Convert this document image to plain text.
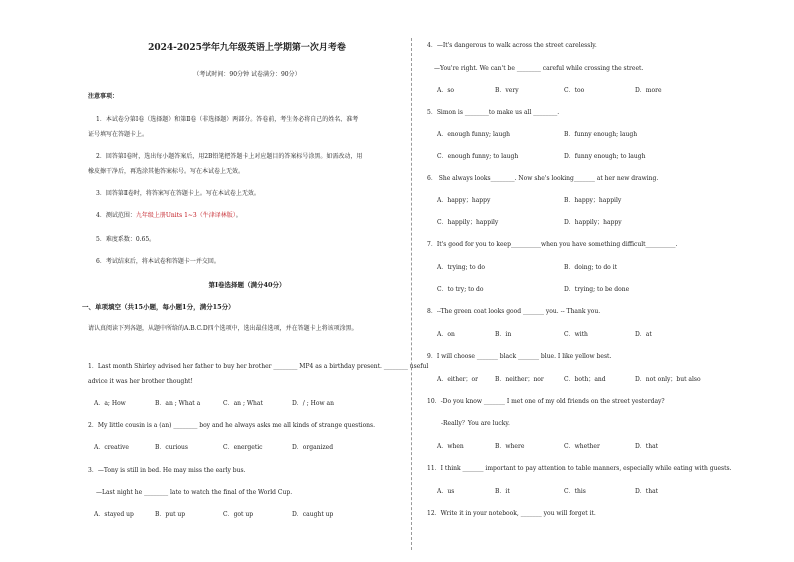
2024-2025学年九年级英语上学期第一次月考卷
（考试时间：90分钟 试卷满分：90分）
注意事项：
1．本试卷分第Ⅰ卷（选择题）和第Ⅱ卷（非选择题）两部分。答卷前，考生务必将自己的姓名、准考
证号填写在答题卡上。
2．回答第Ⅰ卷时，选出每小题答案后，用2B铅笔把答题卡上对应题目的答案标号涂黑。如需改动，用
橡皮擦干净后，再选涂其他答案标号。写在本试卷上无效。
3．回答第Ⅱ卷时，将答案写在答题卡上。写在本试卷上无效。
4．测试范围：九年级上册Units 1~3（牛津译林版）。
5．难度系数：0.65。
6．考试结束后，将本试卷和答题卡一并交回。
第Ⅰ卷选择题（满分40分）
一、单项填空（共15小题，每小题1分，满分15分）
请认真阅读下列各题，从题中所给的A.B.C.D四个选项中，选出最佳选项，并在答题卡上将该项涂黑。
1．Last month Shirley advised her father to buy her brother ________ MP4 as a birthday present. ________ useful
advice it was her brother thought!
A．a; How	B．an ; What a	C．an ; What	D．/ ; How an
2．My little cousin is a (an) ________ boy and he always asks me all kinds of strange questions.
A．creative	B．curious	C．energetic	D．organized
3．—Tony is still in bed. He may miss the early bus.
—Last night he ________ late to watch the final of the World Cup.
A．stayed up	B．put up	C．got up	D．caught up
4．—It's dangerous to walk across the street carelessly.
—You're right. We can't be ________ careful while crossing the street.
A．so	B．very	C．too	D．more
5．Simon is ________to make us all ________.
A．enough funny; laugh	B．funny enough; laugh
C．enough funny; to laugh	D．funny enough; to laugh
6． She always looks________. Now she's looking_______ at her new drawing.
A．happy；happy	B．happy；happily
C．happily；happily	D．happily；happy
7．It's good for you to keep__________when you have something difficult__________.
A．trying; to do	B．doing; to do it
C．to try; to do	D．trying; to be done
8．--The green coat looks good _______ you. -- Thank you.
A．on	B．in	C．with	D．at
9．I will choose _______ black _______ blue. I like yellow best.
A．either；or	B．neither；nor	C．both；and	D．not only；but also
10．-Do you know _______ I met one of my old friends on the street yesterday?
-Really？You are lucky.
A．when	B．where	C．whether	D．that
11．I think _______ important to pay attention to table manners, especially while eating with guests.
A．us	B．it	C．this	D．that
12．Write it in your notebook, _______ you will forget it.
